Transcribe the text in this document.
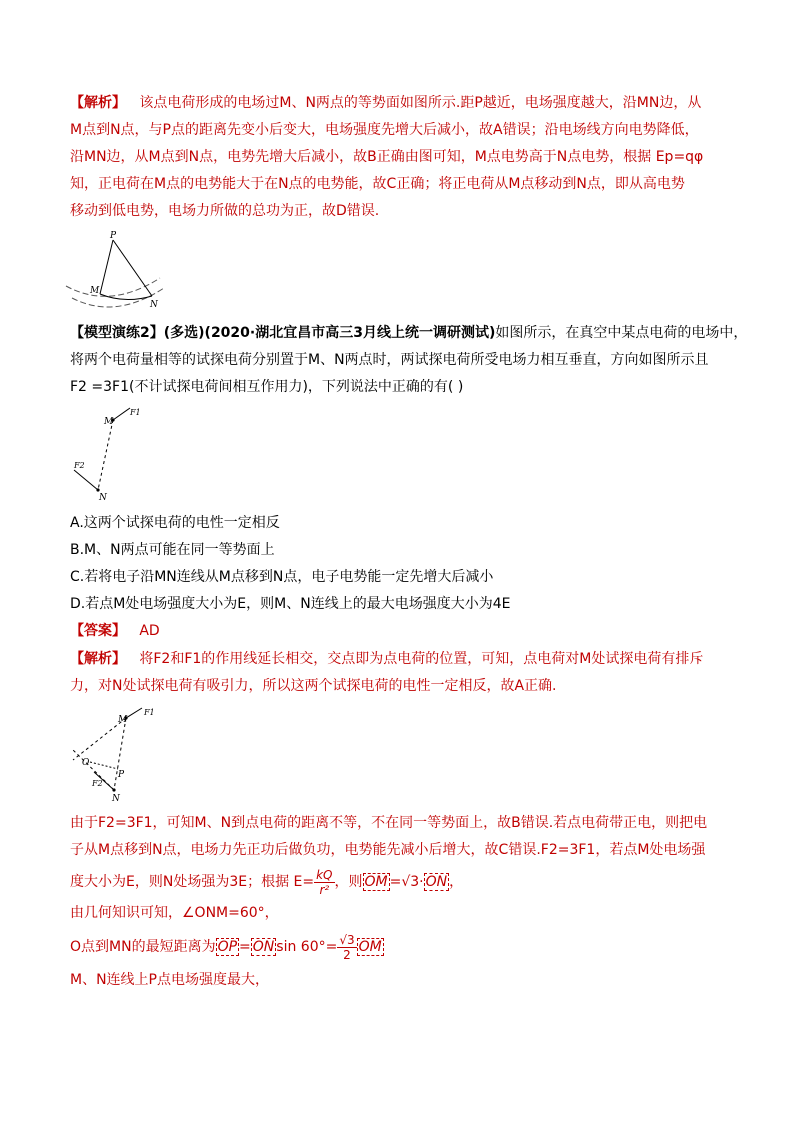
【解析】 该点电荷形成的电场过M、N两点的等势面如图所示.距P越近，电场强度越大，沿MN边，从
M点到N点，与P点的距离先变小后变大，电场强度先增大后减小，故A错误；沿电场线方向电势降低，
沿MN边，从M点到N点，电势先增大后减小，故B正确由图可知，M点电势高于N点电势，根据 Ep=qφ
知，正电荷在M点的电势能大于在N点的电势能，故C正确；将正电荷从M点移动到N点，即从高电势
移动到低电势，电场力所做的总功为正，故D错误.
P
M
N
【模型演练2】(多选)(2020·湖北宜昌市高三3月线上统一调研测试)如图所示，在真空中某点电荷的电场中，
将两个电荷量相等的试探电荷分别置于M、N两点时，两试探电荷所受电场力相互垂直，方向如图所示且
F2 =3F1(不计试探电荷间相互作用力)，下列说法中正确的有( )
M
F1
F2
N
A.这两个试探电荷的电性一定相反
B.M、N两点可能在同一等势面上
C.若将电子沿MN连线从M点移到N点，电子电势能一定先增大后减小
D.若点M处电场强度大小为E，则M、N连线上的最大电场强度大小为4E
【答案】 AD
【解析】 将F2和F1的作用线延长相交，交点即为点电荷的位置，可知，点电荷对M处试探电荷有排斥
力，对N处试探电荷有吸引力，所以这两个试探电荷的电性一定相反，故A正确.
M
F1
O
P
F2
N
由于F2=3F1，可知M、N到点电荷的距离不等，不在同一等势面上，故B错误.若点电荷带正电，则把电
子从M点移到N点，电场力先正功后做负功，电势能先减小后增大，故C错误.F2=3F1，若点M处电场强
度大小为E，则N处场强为3E；根据 $E= \frac{kQ}{\text{r²}}$ ，则 OM =√3· ON ，
由几何知识可知，∠ONM=60°，
O点到MN的最短距离为 OP = ON $\sin 60^\circ= \frac{√3}{2}$ OM
M、N连线上P点电场强度最大，
